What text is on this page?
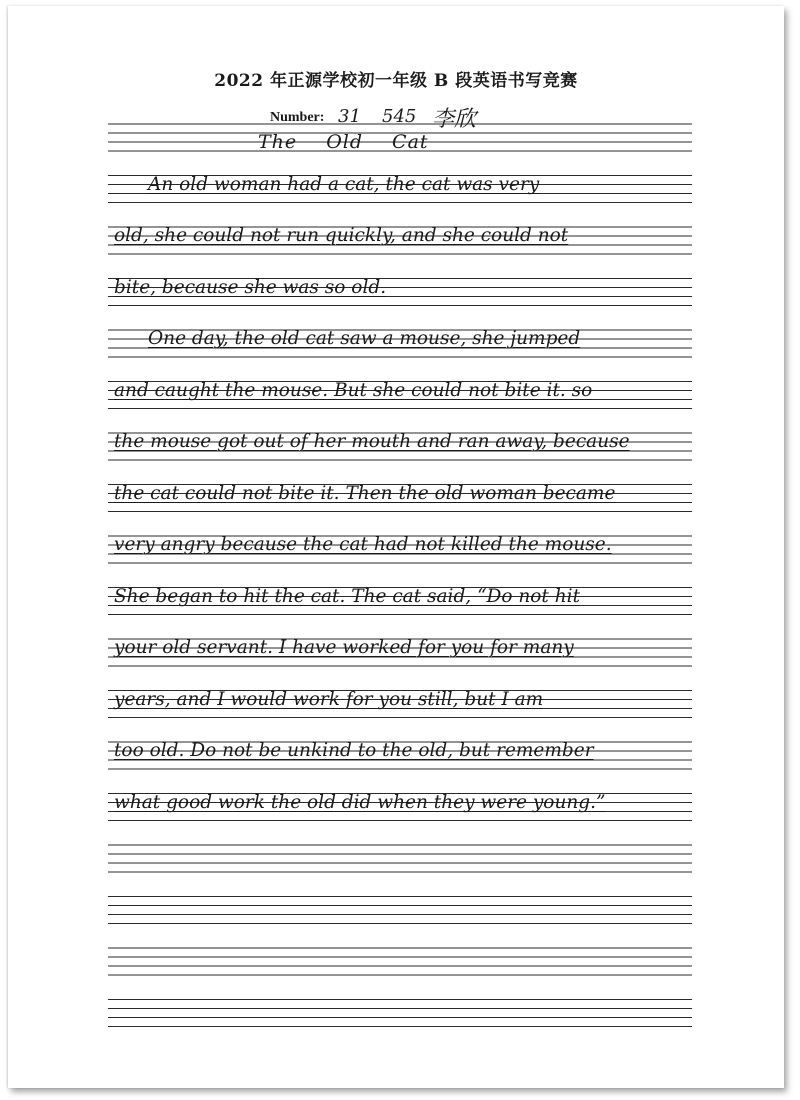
2022 年正源学校初一年级 B 段英语书写竞赛
Number: 31 545 李欣
The Old Cat
An old woman had a cat, the cat was very
old, she could not run quickly, and she could not
bite, because she was so old.
One day, the old cat saw a mouse, she jumped
and caught the mouse. But she could not bite it. so
the mouse got out of her mouth and ran away, because
the cat could not bite it. Then the old woman became
very angry because the cat had not killed the mouse.
She began to hit the cat. The cat said, “Do not hit
your old servant. I have worked for you for many
years, and I would work for you still, but I am
too old. Do not be unkind to the old, but remember
what good work the old did when they were young.”
